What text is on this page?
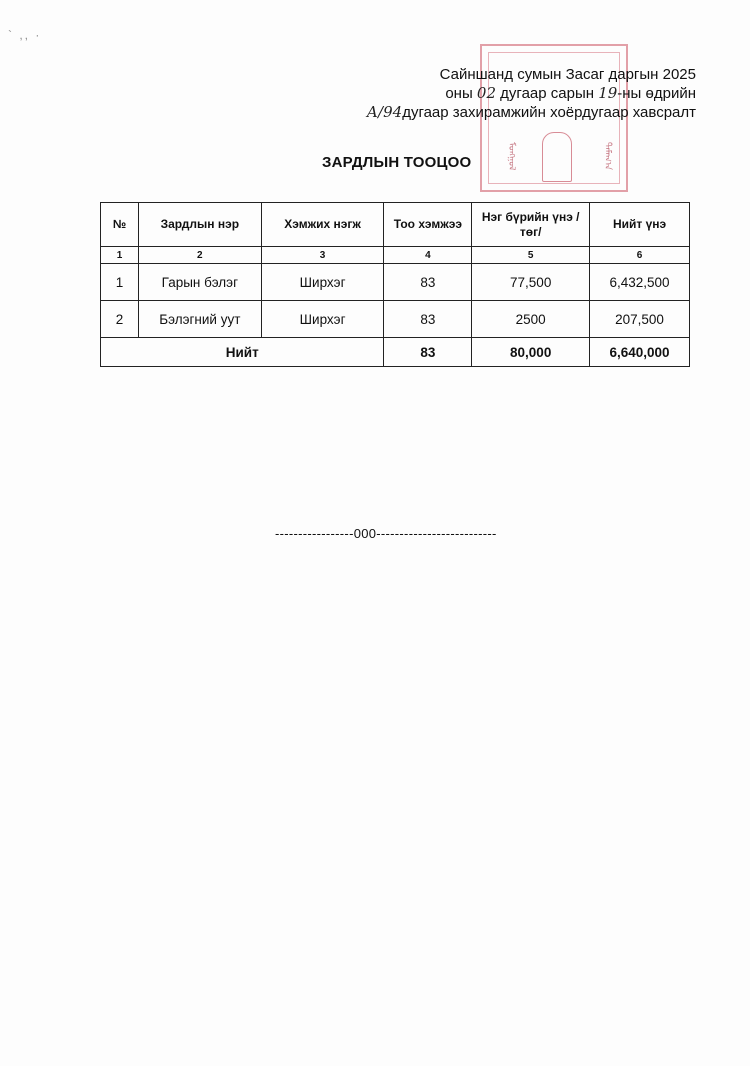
` ,, ·
ᠮᠣᠩᠭᠣᠯ	ᠲᠠᠮᠠᠭ᠎ᠠ
Сайншанд сумын Засаг даргын 2025
оны 02 дугаар сарын 19-ны өдрийн
А/94дугаар захирамжийн хоёрдугаар хавсралт
ЗАРДЛЫН ТООЦОО
№	Зардлын нэр	Хэмжих нэгж	Тоо хэмжээ	Нэг бүрийн үнэ /төг/	Нийт үнэ
1	2	3	4	5	6
1	Гарын бэлэг	Ширхэг	83	77,500	6,432,500
2	Бэлэгний уут	Ширхэг	83	2500	207,500
Нийт			83	80,000	6,640,000
-----------------000--------------------------
